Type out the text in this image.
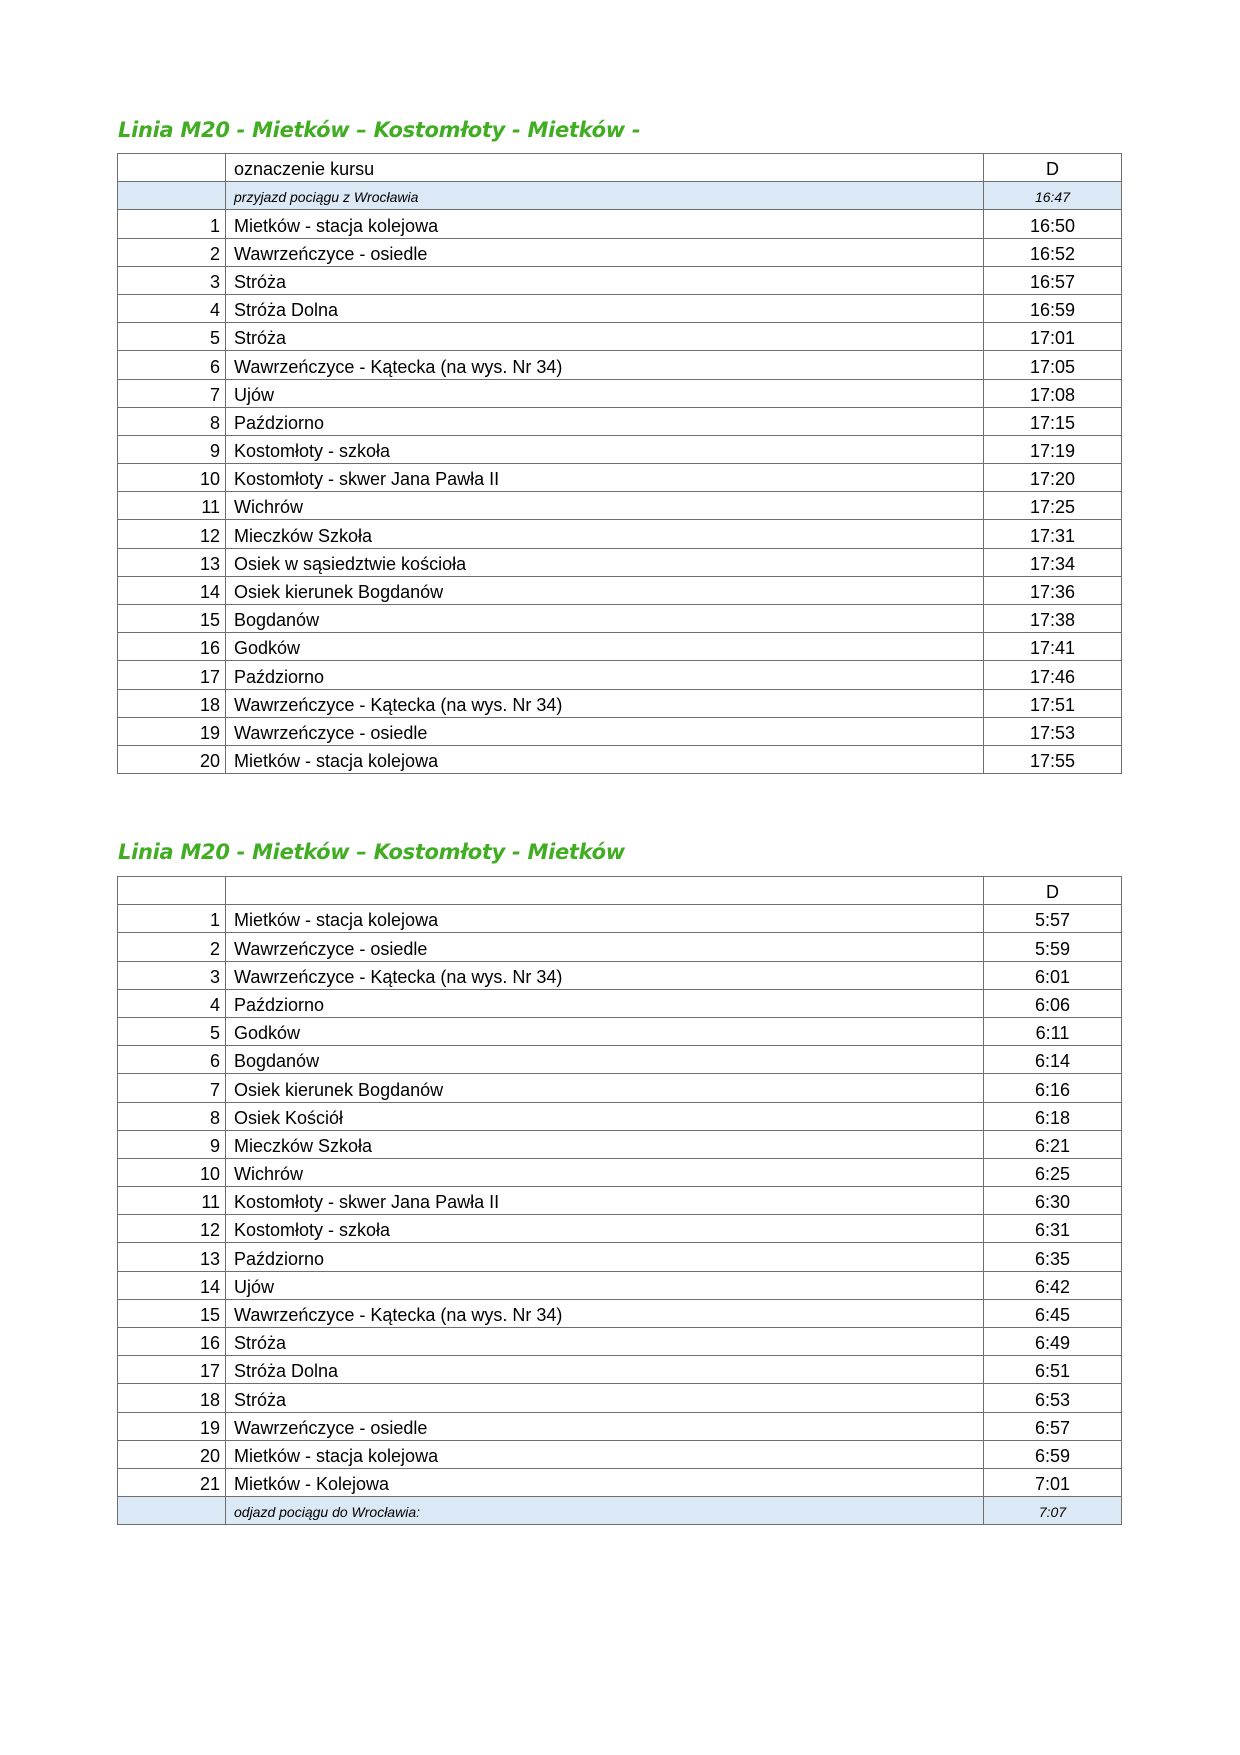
Linia M20 - Mietków – Kostomłoty - Mietków -
	oznaczenie kursu	D
	przyjazd pociągu z Wrocławia	16:47
1	Mietków - stacja kolejowa	16:50
2	Wawrzeńczyce - osiedle	16:52
3	Stróża	16:57
4	Stróża Dolna	16:59
5	Stróża	17:01
6	Wawrzeńczyce - Kątecka (na wys. Nr 34)	17:05
7	Ujów	17:08
8	Paździorno	17:15
9	Kostomłoty - szkoła	17:19
10	Kostomłoty - skwer Jana Pawła II	17:20
11	Wichrów	17:25
12	Mieczków Szkoła	17:31
13	Osiek w sąsiedztwie kościoła	17:34
14	Osiek kierunek Bogdanów	17:36
15	Bogdanów	17:38
16	Godków	17:41
17	Paździorno	17:46
18	Wawrzeńczyce - Kątecka (na wys. Nr 34)	17:51
19	Wawrzeńczyce - osiedle	17:53
20	Mietków - stacja kolejowa	17:55
Linia M20 - Mietków – Kostomłoty - Mietków
		D
1	Mietków - stacja kolejowa	5:57
2	Wawrzeńczyce - osiedle	5:59
3	Wawrzeńczyce - Kątecka (na wys. Nr 34)	6:01
4	Paździorno	6:06
5	Godków	6:11
6	Bogdanów	6:14
7	Osiek kierunek Bogdanów	6:16
8	Osiek Kościół	6:18
9	Mieczków Szkoła	6:21
10	Wichrów	6:25
11	Kostomłoty - skwer Jana Pawła II	6:30
12	Kostomłoty - szkoła	6:31
13	Paździorno	6:35
14	Ujów	6:42
15	Wawrzeńczyce - Kątecka (na wys. Nr 34)	6:45
16	Stróża	6:49
17	Stróża Dolna	6:51
18	Stróża	6:53
19	Wawrzeńczyce - osiedle	6:57
20	Mietków - stacja kolejowa	6:59
21	Mietków - Kolejowa	7:01
	odjazd pociągu do Wrocławia:	7:07
